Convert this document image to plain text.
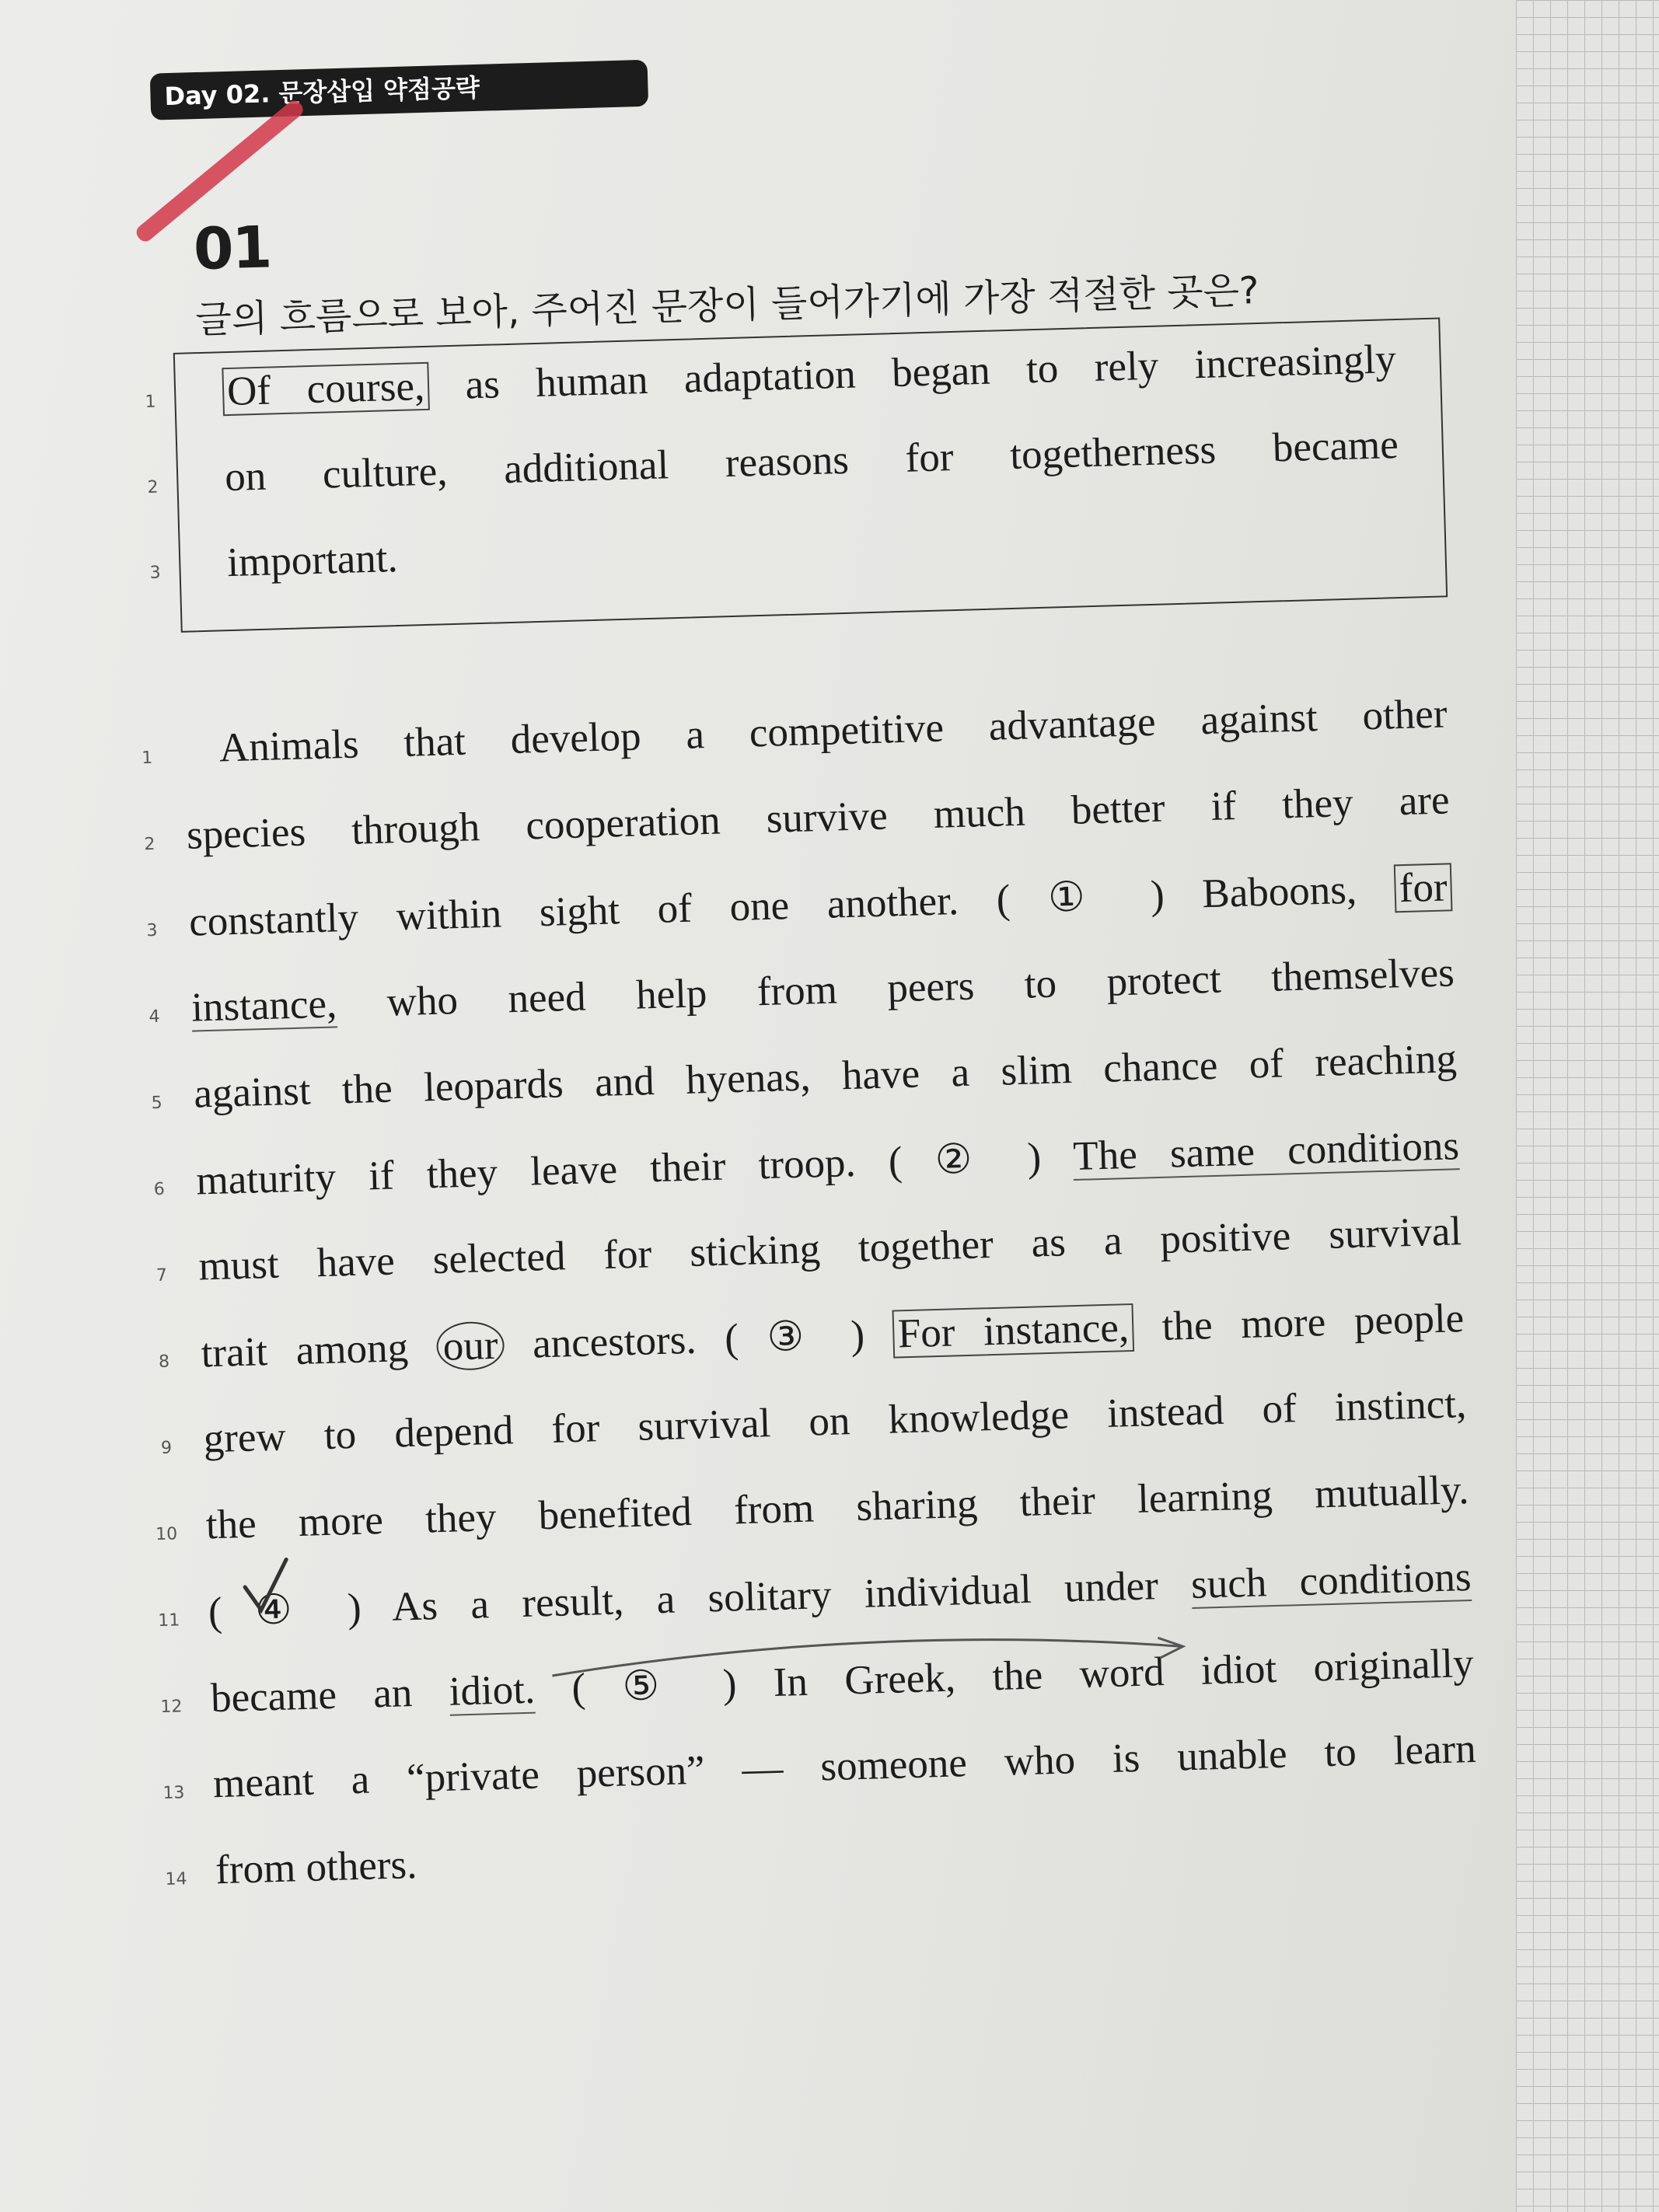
Day 02. 문장삽입 약점공략
01
글의 흐름으로 보아, 주어진 문장이 들어가기에 가장 적절한 곳은?
1 Of course, as human adaptation began to rely increasingly
2 on culture, additional reasons for togetherness became
3 important.
1 Animals that develop a competitive advantage against other
2 species through cooperation survive much better if they are
3 constantly within sight of one another. ( ① ) Baboons, for
4 instance, who need help from peers to protect themselves
5 against the leopards and hyenas, have a slim chance of reaching
6 maturity if they leave their troop. ( ② ) The same conditions
7 must have selected for sticking together as a positive survival
8 trait among our ancestors. ( ③ ) For instance, the more people
9 grew to depend for survival on knowledge instead of instinct,
10 the more they benefited from sharing their learning mutually.
11 ( ④ ) As a result, a solitary individual under such conditions
12 became an idiot. ( ⑤ ) In Greek, the word idiot originally
13 meant a “private person” — someone who is unable to learn
14 from others.
